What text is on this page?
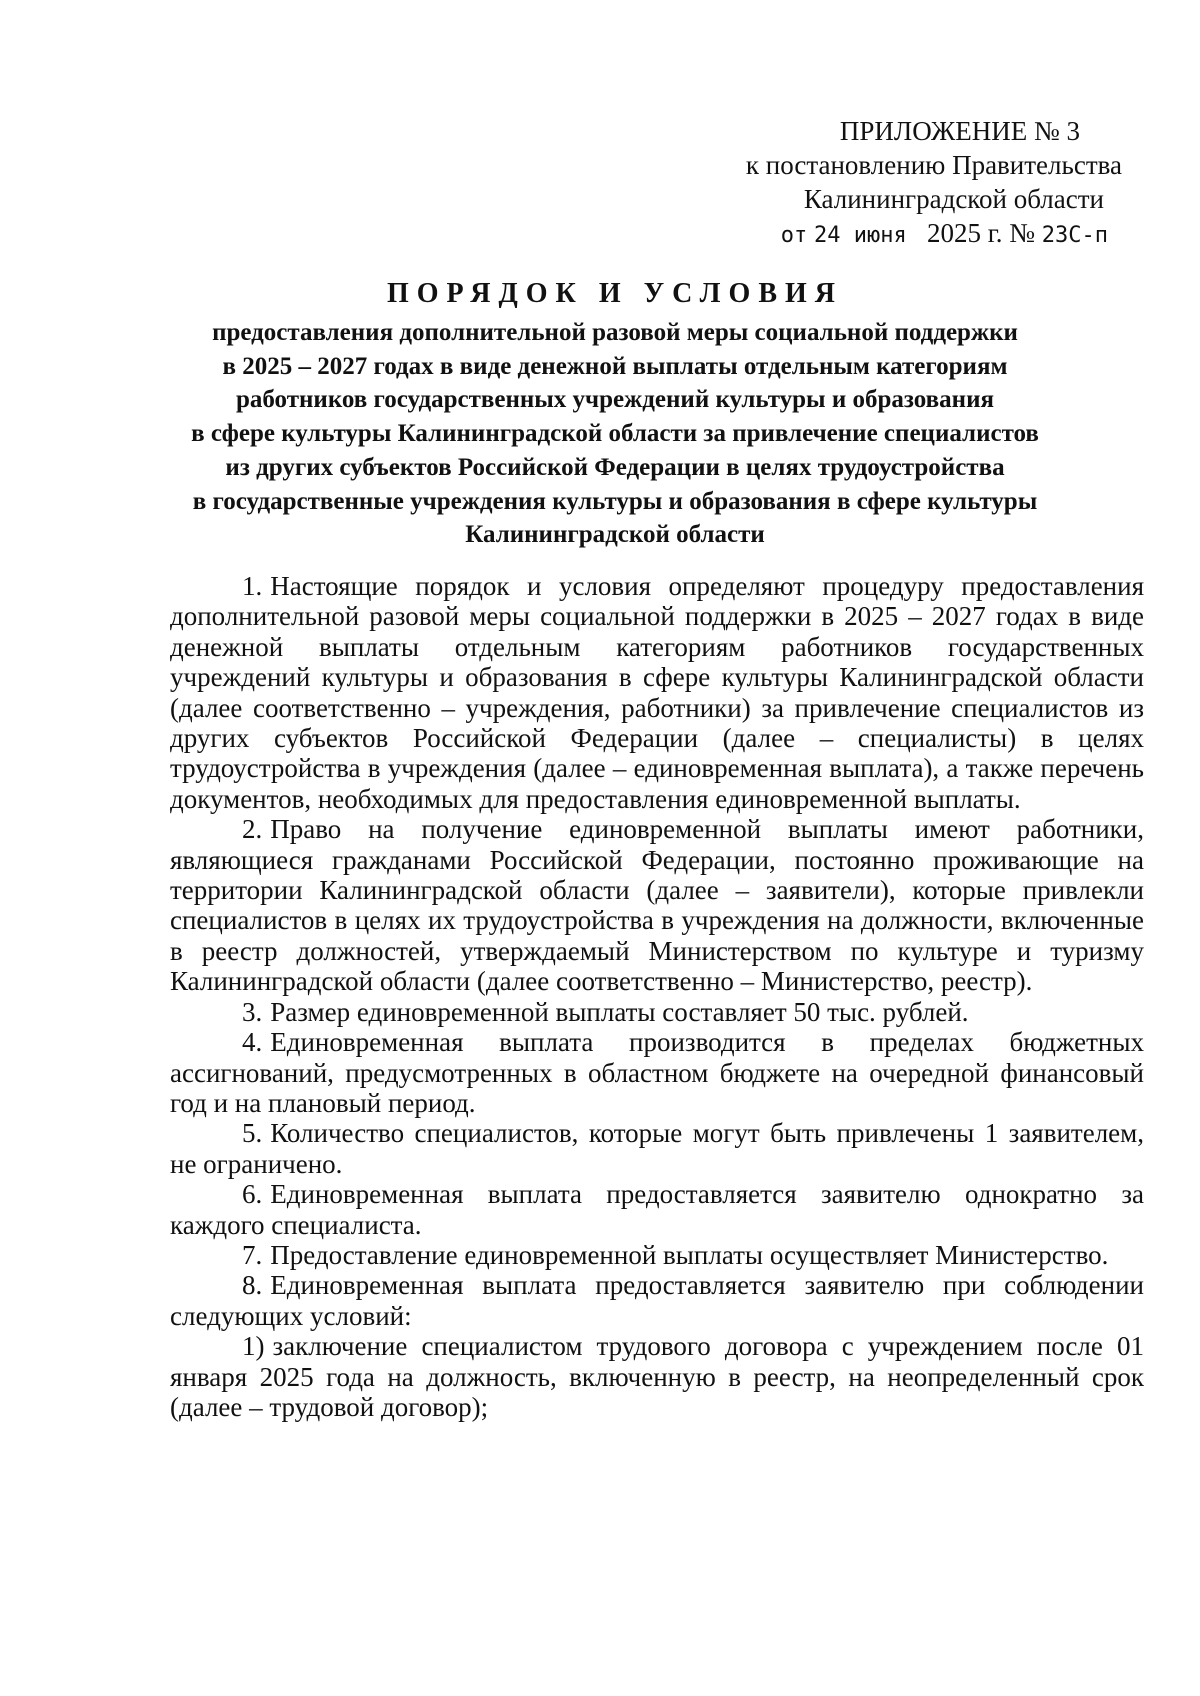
ПРИЛОЖЕНИЕ № 3
к постановлению Правительства
Калининградской области
от 24 июня 2025 г. № 23С-п

ПОРЯДОК И УСЛОВИЯ

предоставления дополнительной разовой меры социальной поддержки
в 2025 – 2027 годах в виде денежной выплаты отдельным категориям
работников государственных учреждений культуры и образования
в сфере культуры Калининградской области за привлечение специалистов
из других субъектов Российской Федерации в целях трудоустройства
в государственные учреждения культуры и образования в сфере культуры
Калининградской области

1. Настоящие порядок и условия определяют процедуру предоставления дополнительной разовой меры социальной поддержки в 2025 – 2027 годах в виде денежной выплаты отдельным категориям работников государственных учреждений культуры и образования в сфере культуры Калининградской области (далее соответственно – учреждения, работники) за привлечение специалистов из других субъектов Российской Федерации (далее – специалисты) в целях трудоустройства в учреждения (далее – единовременная выплата), а также перечень документов, необходимых для предоставления единовременной выплаты.

2. Право на получение единовременной выплаты имеют работники, являющиеся гражданами Российской Федерации, постоянно проживающие на территории Калининградской области (далее – заявители), которые привлекли специалистов в целях их трудоустройства в учреждения на должности, включенные в реестр должностей, утверждаемый Министерством по культуре и туризму Калининградской области (далее соответственно – Министерство, реестр).

3. Размер единовременной выплаты составляет 50 тыс. рублей.

4. Единовременная выплата производится в пределах бюджетных ассигнований, предусмотренных в областном бюджете на очередной финансовый год и на плановый период.

5. Количество специалистов, которые могут быть привлечены 1 заявителем, не ограничено.

6. Единовременная выплата предоставляется заявителю однократно за каждого специалиста.

7. Предоставление единовременной выплаты осуществляет Министерство.

8. Единовременная выплата предоставляется заявителю при соблюдении следующих условий:

1) заключение специалистом трудового договора с учреждением после 01 января 2025 года на должность, включенную в реестр, на неопределенный срок (далее – трудовой договор);
